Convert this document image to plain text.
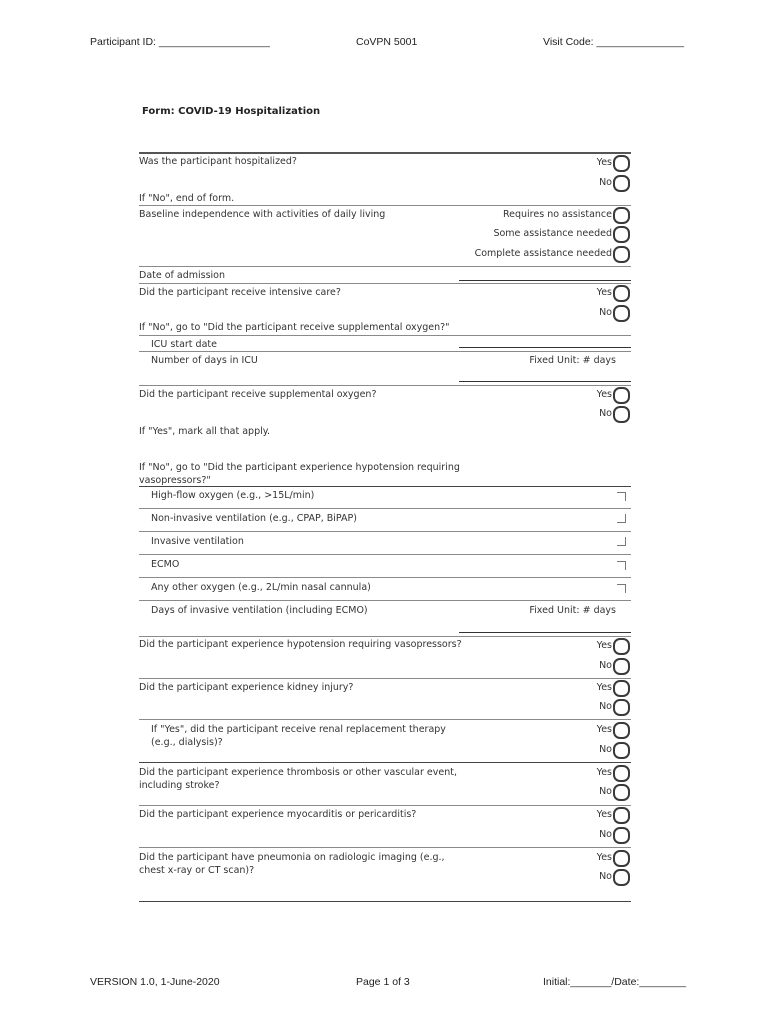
Participant ID: ___________________	CoVPN 5001	Visit Code: _______________
Form: COVID-19 Hospitalization
Was the participant hospitalized?	Yes
No
If "No", end of form.
Baseline independence with activities of daily living	Requires no assistance
Some assistance needed
Complete assistance needed
Date of admission
Did the participant receive intensive care?	Yes
No
If "No", go to "Did the participant receive supplemental oxygen?"
ICU start date
Number of days in ICU	Fixed Unit: # days
Did the participant receive supplemental oxygen?	Yes
No
If "Yes", mark all that apply.
If "No", go to "Did the participant experience hypotension requiring vasopressors?"
High-flow oxygen (e.g., >15L/min)
Non-invasive ventilation (e.g., CPAP, BiPAP)
Invasive ventilation
ECMO
Any other oxygen (e.g., 2L/min nasal cannula)
Days of invasive ventilation (including ECMO)	Fixed Unit: # days
Did the participant experience hypotension requiring vasopressors?	Yes
No
Did the participant experience kidney injury?	Yes
No
If "Yes", did the participant receive renal replacement therapy (e.g., dialysis)?
Yes
No
Did the participant experience thrombosis or other vascular event, including stroke?
Yes
No
Did the participant experience myocarditis or pericarditis?	Yes
No
Did the participant have pneumonia on radiologic imaging (e.g., chest x-ray or CT scan)?
Yes
No
VERSION 1.0, 1-June-2020	Page 1 of 3	Initial:_______/Date:________
